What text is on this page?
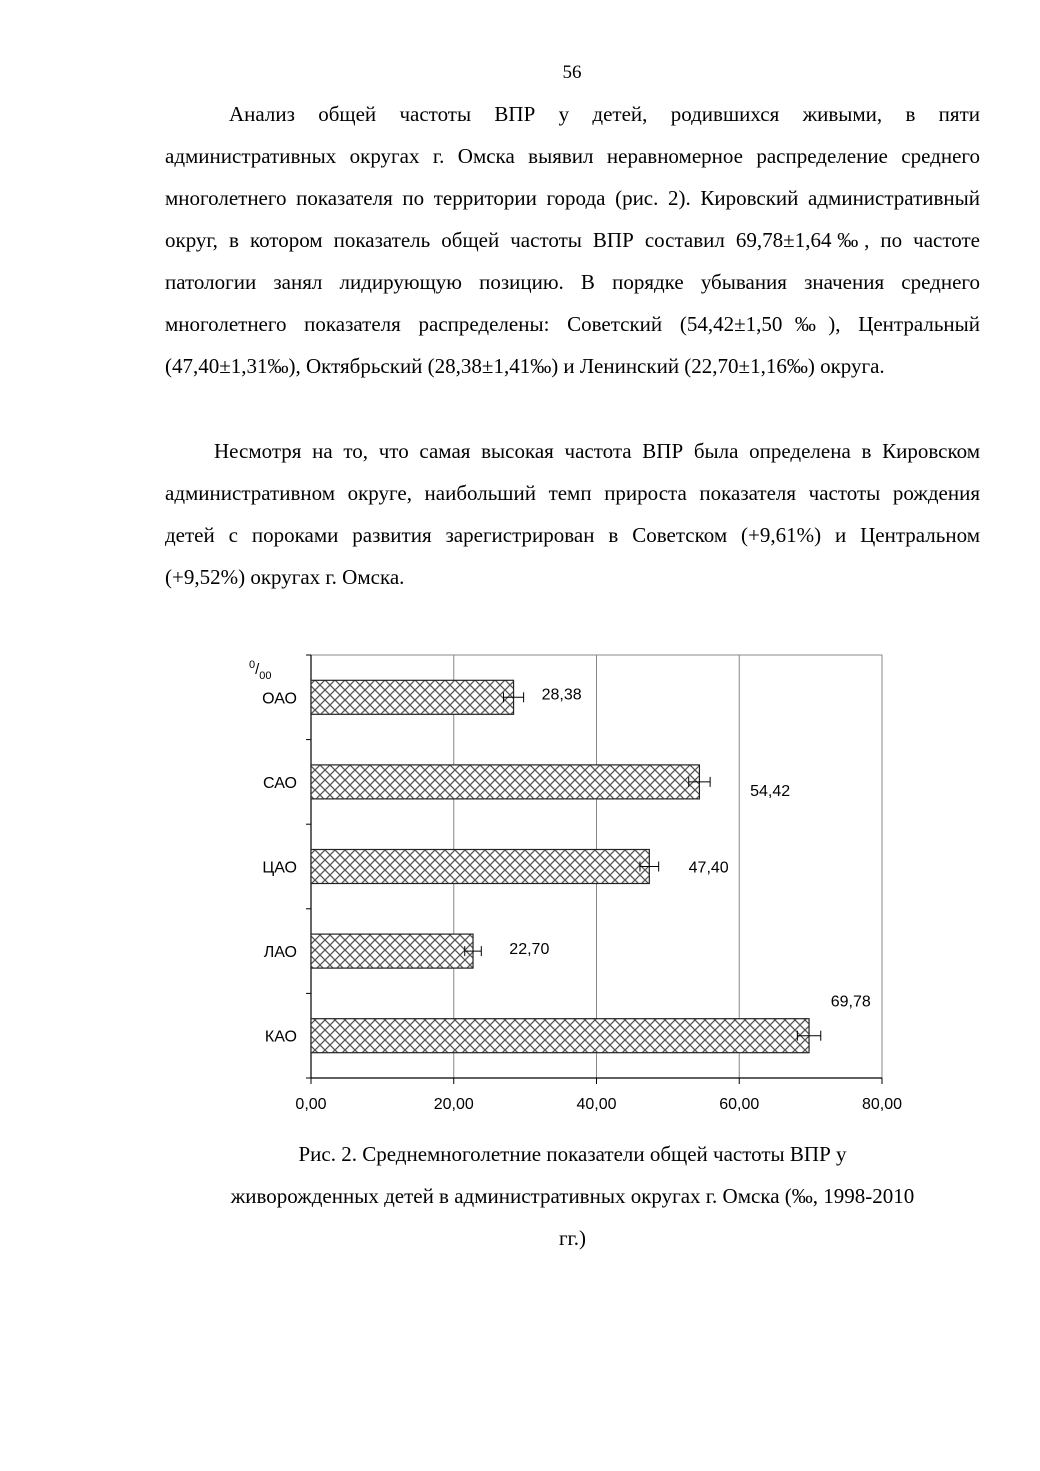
56

Анализ общей частоты ВПР у детей, родившихся живыми, в пяти административных округах г. Омска выявил неравномерное распределение среднего многолетнего показателя по территории города (рис. 2). Кировский административный округ, в котором показатель общей частоты ВПР составил 69,78±1,64‰, по частоте патологии занял лидирующую позицию. В порядке убывания значения среднего многолетнего показателя распределены: Советский (54,42±1,50‰), Центральный (47,40±1,31‰), Октябрьский (28,38±1,41‰) и Ленинский (22,70±1,16‰) округа.

Несмотря на то, что самая высокая частота ВПР была определена в Кировском административном округе, наибольший темп прироста показателя частоты рождения детей с пороками развития зарегистрирован в Советском (+9,61%) и Центральном (+9,52%) округах г. Омска.

0,00	20,00	40,00	60,00	80,00
ОАО	28,38
САО	54,42
ЦАО	47,40
ЛАО	22,70
КАО
69,78
$^0/_{00}$
Рис. 2. Среднемноголетние показатели общей частоты ВПР у
живорожденных детей в административных округах г. Омска (‰, 1998-2010
гг.)
